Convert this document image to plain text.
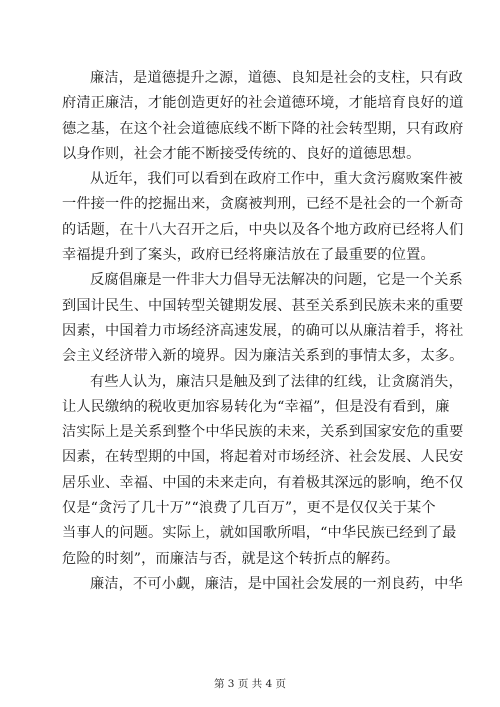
廉洁，是道德提升之源，道德、良知是社会的支柱，只有政
府清正廉洁，才能创造更好的社会道德环境，才能培育良好的道
德之基，在这个社会道德底线不断下降的社会转型期，只有政府
以身作则，社会才能不断接受传统的、良好的道德思想。
从近年，我们可以看到在政府工作中，重大贪污腐败案件被
一件接一件的挖掘出来，贪腐被判刑，已经不是社会的一个新奇
的话题，在十八大召开之后，中央以及各个地方政府已经将人们
幸福提升到了案头，政府已经将廉洁放在了最重要的位置。
反腐倡廉是一件非大力倡导无法解决的问题，它是一个关系
到国计民生、中国转型关键期发展、甚至关系到民族未来的重要
因素，中国着力市场经济高速发展，的确可以从廉洁着手，将社
会主义经济带入新的境界。因为廉洁关系到的事情太多，太多。
有些人认为，廉洁只是触及到了法律的红线，让贪腐消失，
让人民缴纳的税收更加容易转化为“幸福”，但是没有看到，廉
洁实际上是关系到整个中华民族的未来，关系到国家安危的重要
因素，在转型期的中国，将起着对市场经济、社会发展、人民安
居乐业、幸福、中国的未来走向，有着极其深远的影响，绝不仅
仅是“贪污了几十万”“浪费了几百万”，更不是仅仅关于某个
当事人的问题。实际上，就如国歌所唱，“中华民族已经到了最
危险的时刻”，而廉洁与否，就是这个转折点的解药。
廉洁，不可小觑，廉洁，是中国社会发展的一剂良药，中华
第 3 页 共 4 页
